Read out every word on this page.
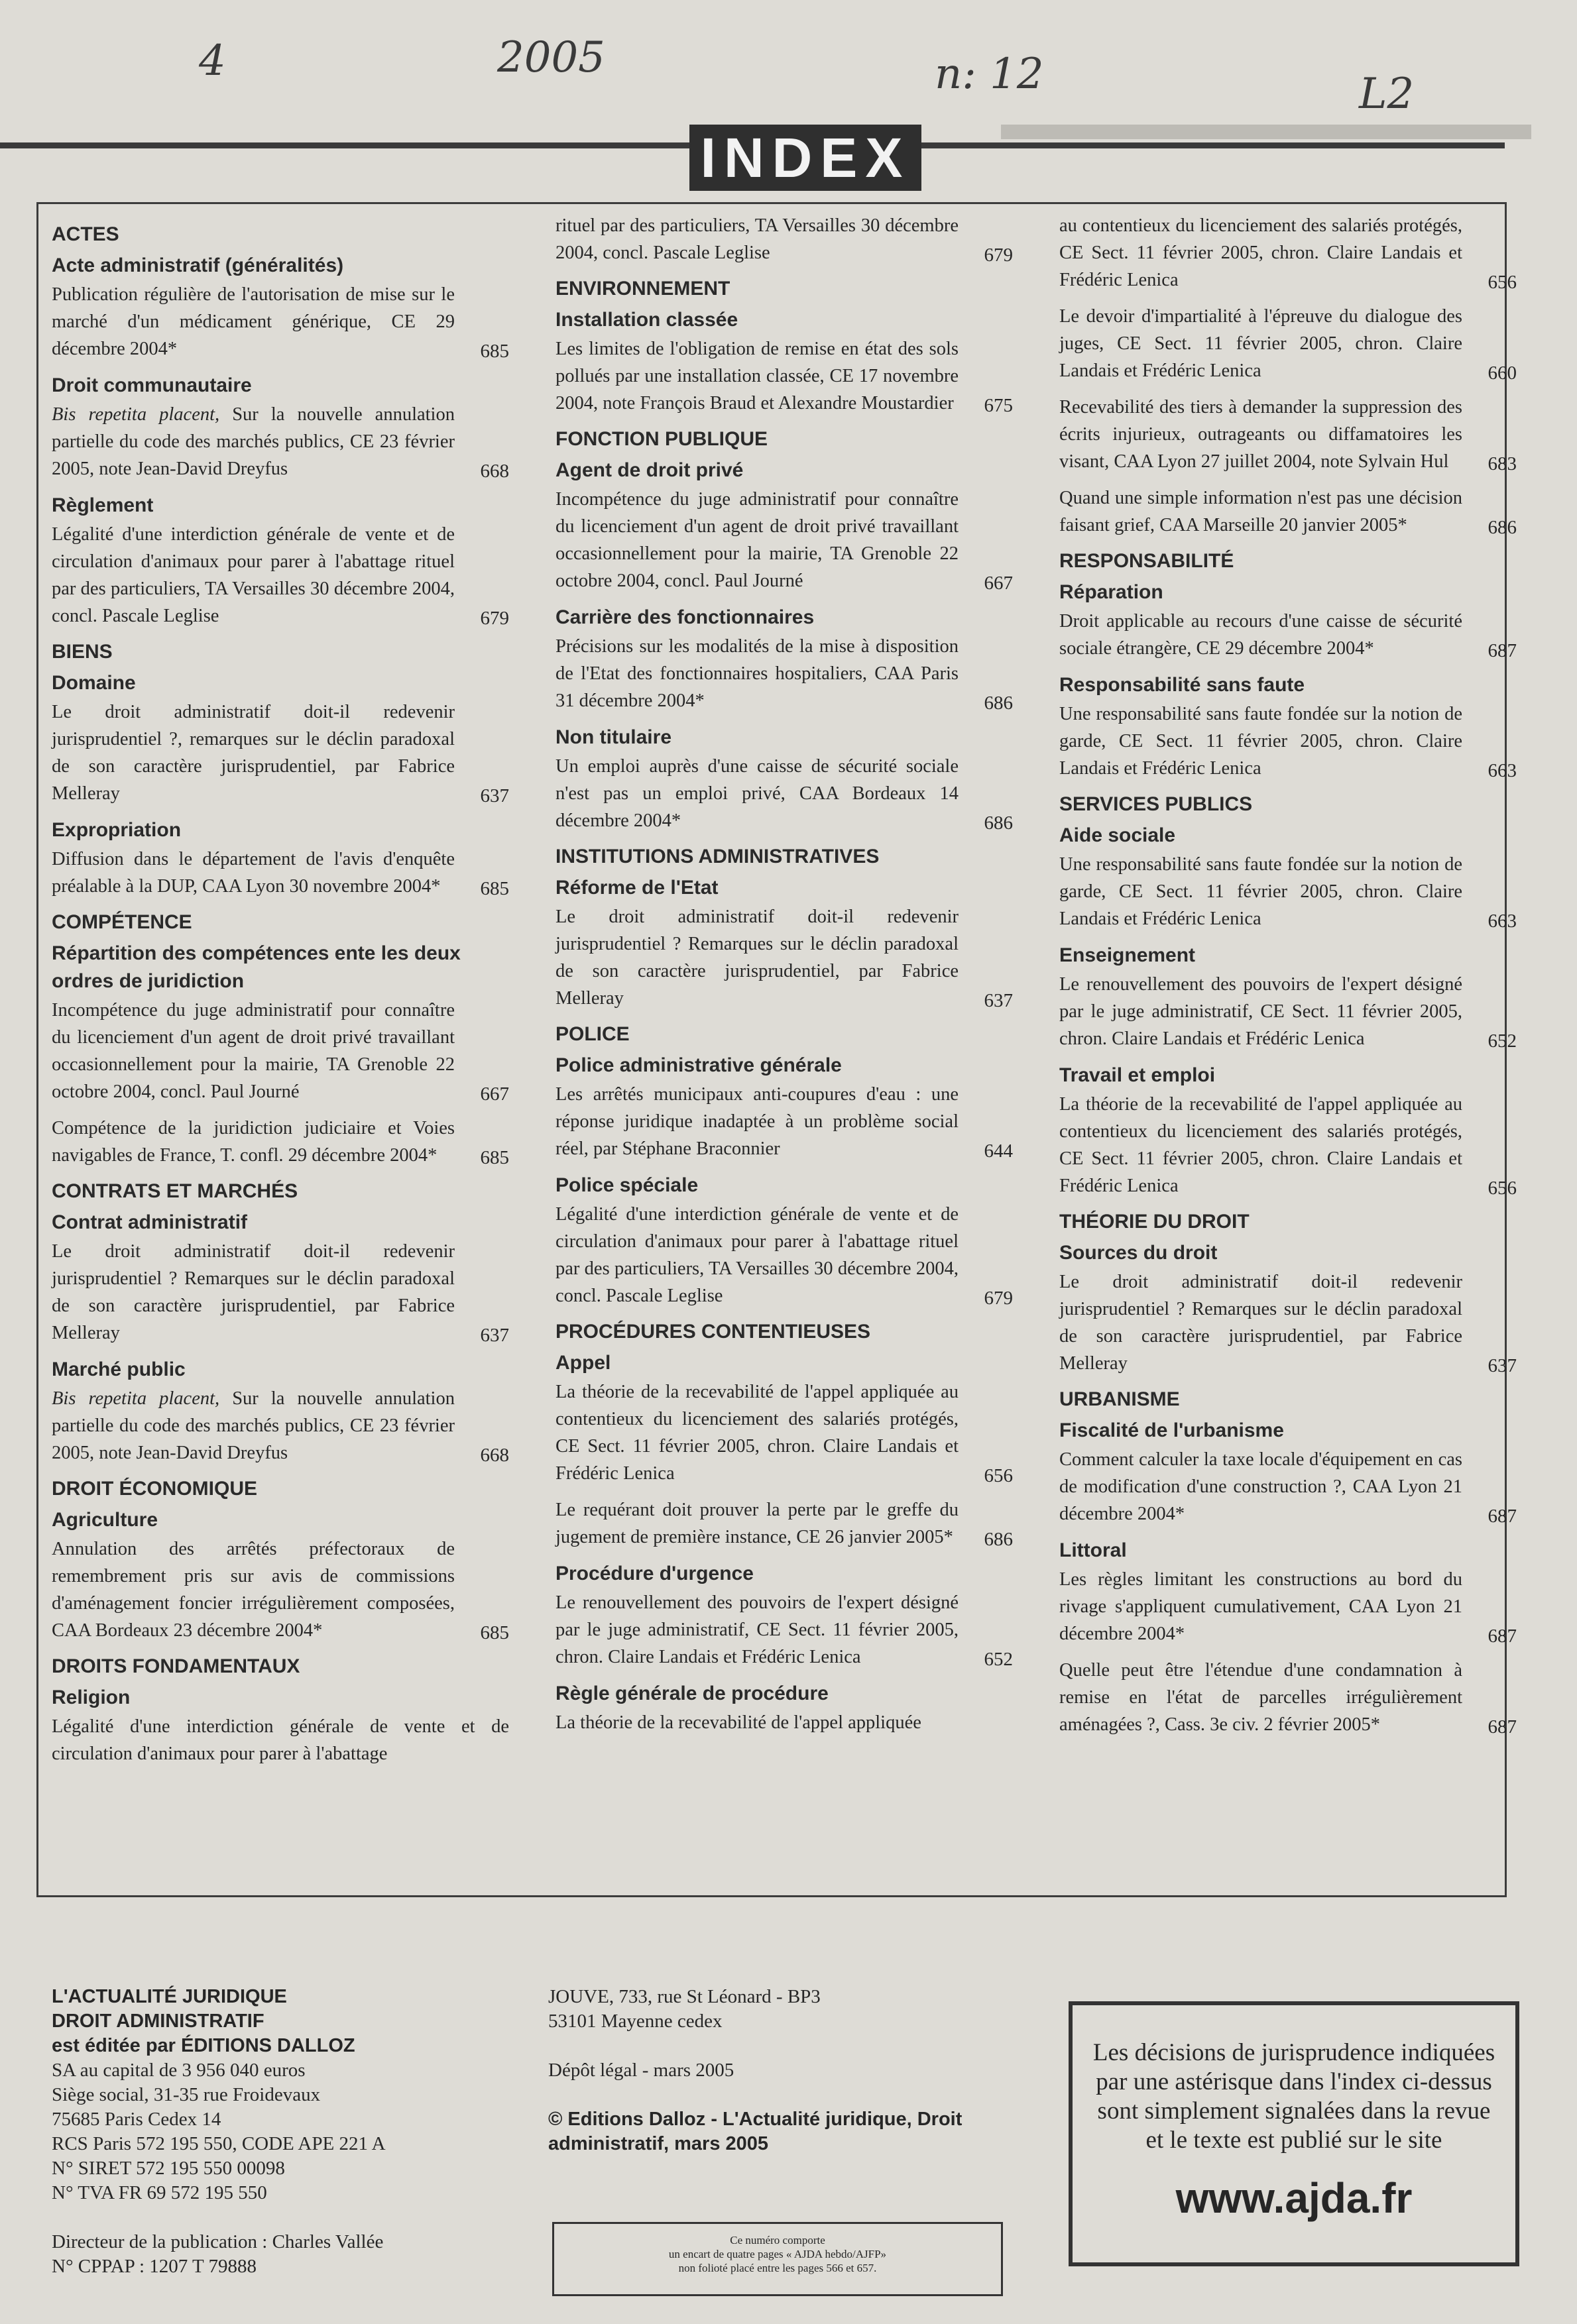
4	2005	n: 12	L2
INDEX
ACTES
Acte administratif (généralités)
Publication régulière de l'autorisation de mise sur le marché d'un médicament générique, CE 29 décembre 2004*	685
Droit communautaire
Bis repetita placent, Sur la nouvelle annulation partielle du code des marchés publics, CE 23 février 2005, note Jean-David Dreyfus	668
Règlement
Légalité d'une interdiction générale de vente et de circulation d'animaux pour parer à l'abattage rituel par des particuliers, TA Versailles 30 décembre 2004, concl. Pascale Leglise	679
BIENS
Domaine
Le droit administratif doit-il redevenir jurisprudentiel ?, remarques sur le déclin paradoxal de son caractère jurisprudentiel, par Fabrice Melleray	637
Expropriation
Diffusion dans le département de l'avis d'enquête préalable à la DUP, CAA Lyon 30 novembre 2004* 685
COMPÉTENCE
Répartition des compétences ente les deux ordres de juridiction
Incompétence du juge administratif pour connaître du licenciement d'un agent de droit privé travaillant occasionnellement pour la mairie, TA Grenoble 22 octobre 2004, concl. Paul Journé	667
Compétence de la juridiction judiciaire et Voies navigables de France, T. confl. 29 décembre 2004* 685
CONTRATS ET MARCHÉS
Contrat administratif
Le droit administratif doit-il redevenir jurisprudentiel ? Remarques sur le déclin paradoxal de son caractère jurisprudentiel, par Fabrice Melleray	637
Marché public
Bis repetita placent, Sur la nouvelle annulation partielle du code des marchés publics, CE 23 février 2005, note Jean-David Dreyfus	668
DROIT ÉCONOMIQUE
Agriculture
Annulation des arrêtés préfectoraux de remembrement pris sur avis de commissions d'aménagement foncier irrégulièrement composées, CAA Bordeaux 23 décembre 2004*	685
DROITS FONDAMENTAUX
Religion
Légalité d'une interdiction générale de vente et de circulation d'animaux pour parer à l'abattage
rituel par des particuliers, TA Versailles 30 décembre 2004, concl. Pascale Leglise	679
ENVIRONNEMENT
Installation classée
Les limites de l'obligation de remise en état des sols pollués par une installation classée, CE 17 novembre 2004, note François Braud et Alexandre Moustardier 675
FONCTION PUBLIQUE
Agent de droit privé
Incompétence du juge administratif pour connaître du licenciement d'un agent de droit privé travaillant occasionnellement pour la mairie, TA Grenoble 22 octobre 2004, concl. Paul Journé	667
Carrière des fonctionnaires
Précisions sur les modalités de la mise à disposition de l'Etat des fonctionnaires hospitaliers, CAA Paris 31 décembre 2004*	686
Non titulaire
Un emploi auprès d'une caisse de sécurité sociale n'est pas un emploi privé, CAA Bordeaux 14 décembre 2004*	686
INSTITUTIONS ADMINISTRATIVES
Réforme de l'Etat
Le droit administratif doit-il redevenir jurisprudentiel ? Remarques sur le déclin paradoxal de son caractère jurisprudentiel, par Fabrice Melleray	637
POLICE
Police administrative générale
Les arrêtés municipaux anti-coupures d'eau : une réponse juridique inadaptée à un problème social réel, par Stéphane Braconnier	644
Police spéciale
Légalité d'une interdiction générale de vente et de circulation d'animaux pour parer à l'abattage rituel par des particuliers, TA Versailles 30 décembre 2004, concl. Pascale Leglise	679
PROCÉDURES CONTENTIEUSES
Appel
La théorie de la recevabilité de l'appel appliquée au contentieux du licenciement des salariés protégés, CE Sect. 11 février 2005, chron. Claire Landais et Frédéric Lenica	656
Le requérant doit prouver la perte par le greffe du jugement de première instance, CE 26 janvier 2005* 686
Procédure d'urgence
Le renouvellement des pouvoirs de l'expert désigné par le juge administratif, CE Sect. 11 février 2005, chron. Claire Landais et Frédéric Lenica	652
Règle générale de procédure
La théorie de la recevabilité de l'appel appliquée
au contentieux du licenciement des salariés protégés, CE Sect. 11 février 2005, chron. Claire Landais et Frédéric Lenica	656
Le devoir d'impartialité à l'épreuve du dialogue des juges, CE Sect. 11 février 2005, chron. Claire Landais et Frédéric Lenica	660
Recevabilité des tiers à demander la suppression des écrits injurieux, outrageants ou diffamatoires les visant, CAA Lyon 27 juillet 2004, note Sylvain Hul 683
Quand une simple information n'est pas une décision faisant grief, CAA Marseille 20 janvier 2005*	686
RESPONSABILITÉ
Réparation
Droit applicable au recours d'une caisse de sécurité sociale étrangère, CE 29 décembre 2004*	687
Responsabilité sans faute
Une responsabilité sans faute fondée sur la notion de garde, CE Sect. 11 février 2005, chron. Claire Landais et Frédéric Lenica	663
SERVICES PUBLICS
Aide sociale
Une responsabilité sans faute fondée sur la notion de garde, CE Sect. 11 février 2005, chron. Claire Landais et Frédéric Lenica	663
Enseignement
Le renouvellement des pouvoirs de l'expert désigné par le juge administratif, CE Sect. 11 février 2005, chron. Claire Landais et Frédéric Lenica	652
Travail et emploi
La théorie de la recevabilité de l'appel appliquée au contentieux du licenciement des salariés protégés, CE Sect. 11 février 2005, chron. Claire Landais et Frédéric Lenica	656
THÉORIE DU DROIT
Sources du droit
Le droit administratif doit-il redevenir jurisprudentiel ? Remarques sur le déclin paradoxal de son caractère jurisprudentiel, par Fabrice Melleray	637
URBANISME
Fiscalité de l'urbanisme
Comment calculer la taxe locale d'équipement en cas de modification d'une construction ?, CAA Lyon 21 décembre 2004*	687
Littoral
Les règles limitant les constructions au bord du rivage s'appliquent cumulativement, CAA Lyon 21 décembre 2004*	687
Quelle peut être l'étendue d'une condamnation à remise en l'état de parcelles irrégulièrement aménagées ?, Cass. 3e civ. 2 février 2005*	687
L'ACTUALITÉ JURIDIQUE
DROIT ADMINISTRATIF
est éditée par ÉDITIONS DALLOZ
SA au capital de 3 956 040 euros
Siège social, 31-35 rue Froidevaux
75685 Paris Cedex 14
RCS Paris 572 195 550, CODE APE 221 A
N° SIRET 572 195 550 00098
N° TVA FR 69 572 195 550

Directeur de la publication : Charles Vallée
N° CPPAP : 1207 T 79888
JOUVE, 733, rue St Léonard - BP3
53101 Mayenne cedex

Dépôt légal - mars 2005

© Editions Dalloz - L'Actualité juridique, Droit
administratif, mars 2005
Ce numéro comporte
un encart de quatre pages « AJDA hebdo/AJFP»
non folioté placé entre les pages 566 et 657.
Les décisions de jurisprudence indiquées par une astérisque dans l'index ci-dessus sont simplement signalées dans la revue et le texte est publié sur le site
www.ajda.fr
